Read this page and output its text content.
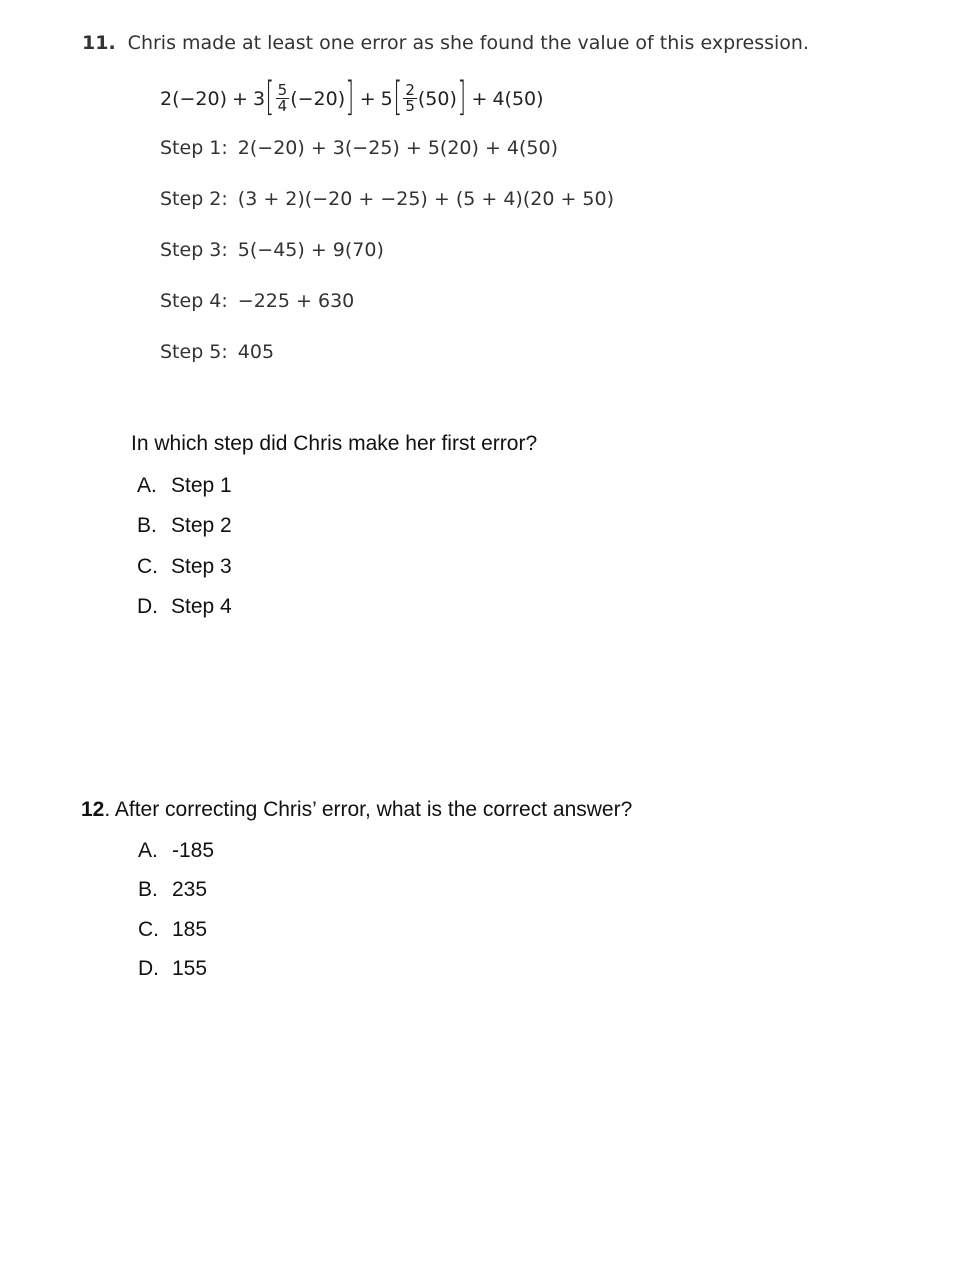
11. Chris made at least one error as she found the value of this expression.
2(−20) + 3 [ $\frac{5}{4} (-20)$ ] + 5 [ $\frac{2}{5} (50)$ ] + 4(50)
Step 1: 2(−20) + 3(−25) + 5(20) + 4(50)
Step 2: (3 + 2)(−20 + −25) + (5 + 4)(20 + 50)
Step 3: 5(−45) + 9(70)
Step 4: −225 + 630
Step 5: 405
In which step did Chris make her first error?
A. Step 1
B. Step 2
C. Step 3
D. Step 4
12. After correcting Chris’ error, what is the correct answer?
A. -185
B. 235
C. 185
D. 155
